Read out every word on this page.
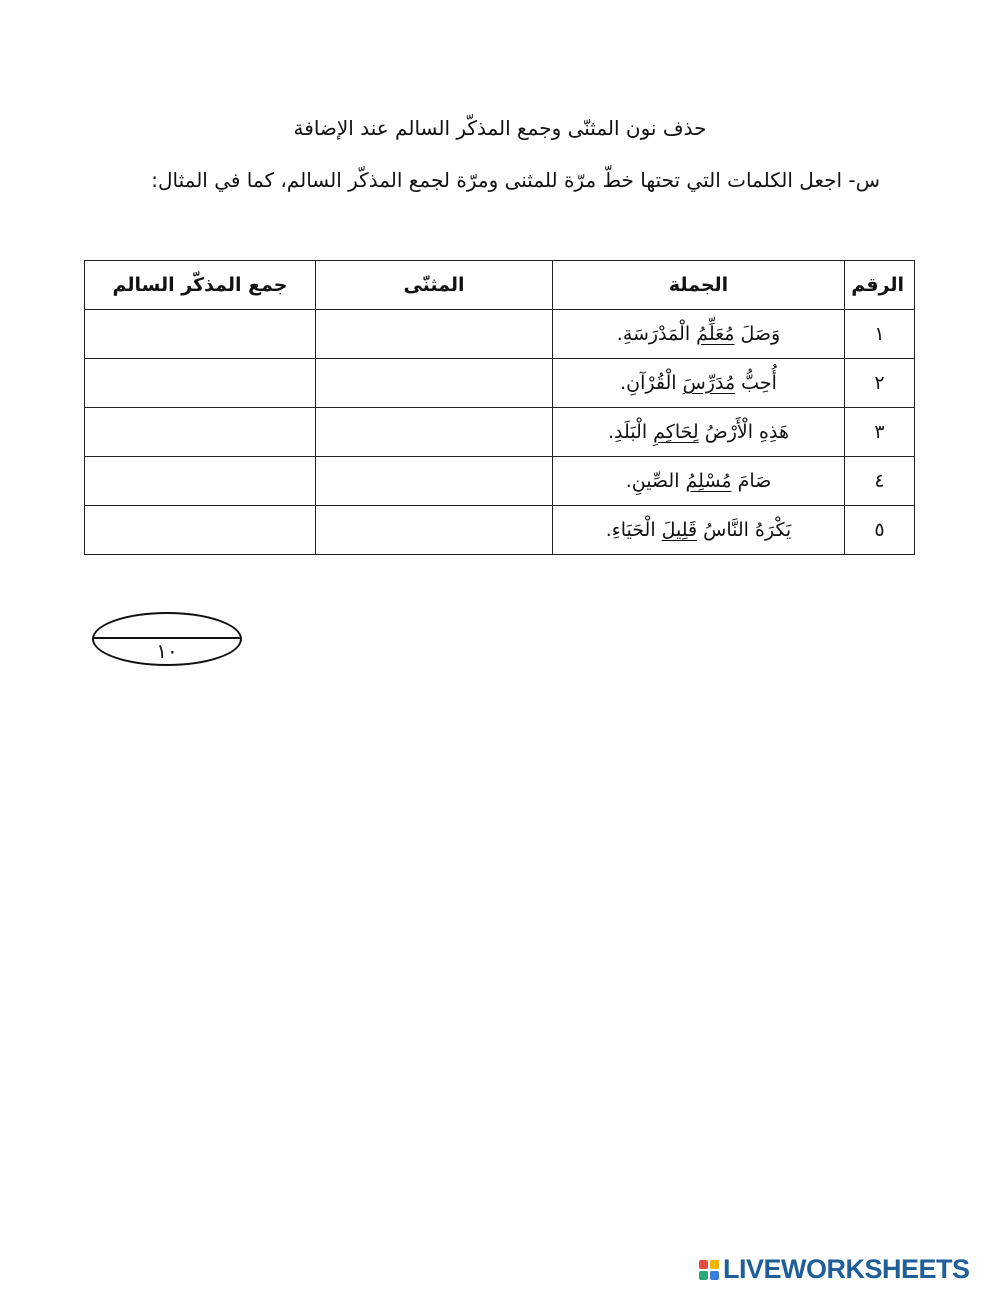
حذف نون المثنّى وجمع المذكّر السالم عند الإضافة
س- اجعل الكلمات التي تحتها خطّ مرّة للمثنى ومرّة لجمع المذكّر السالم، كما في المثال:
الرقم	الجملة	المثنّى	جمع المذكّر السالم
١	وَصَلَ مُعَلِّمُ الْمَدْرَسَةِ.		
٢	أُحِبُّ مُدَرِّسَ الْقُرْآنِ.		
٣	هَذِهِ الْأَرْضُ لِحَاكِمِ الْبَلَدِ.		
٤	صَامَ مُسْلِمُ الصِّينِ.		
٥	يَكْرَهُ النَّاسُ قَلِيلَ الْحَيَاءِ.		
١٠
LIVEWORKSHEETS
